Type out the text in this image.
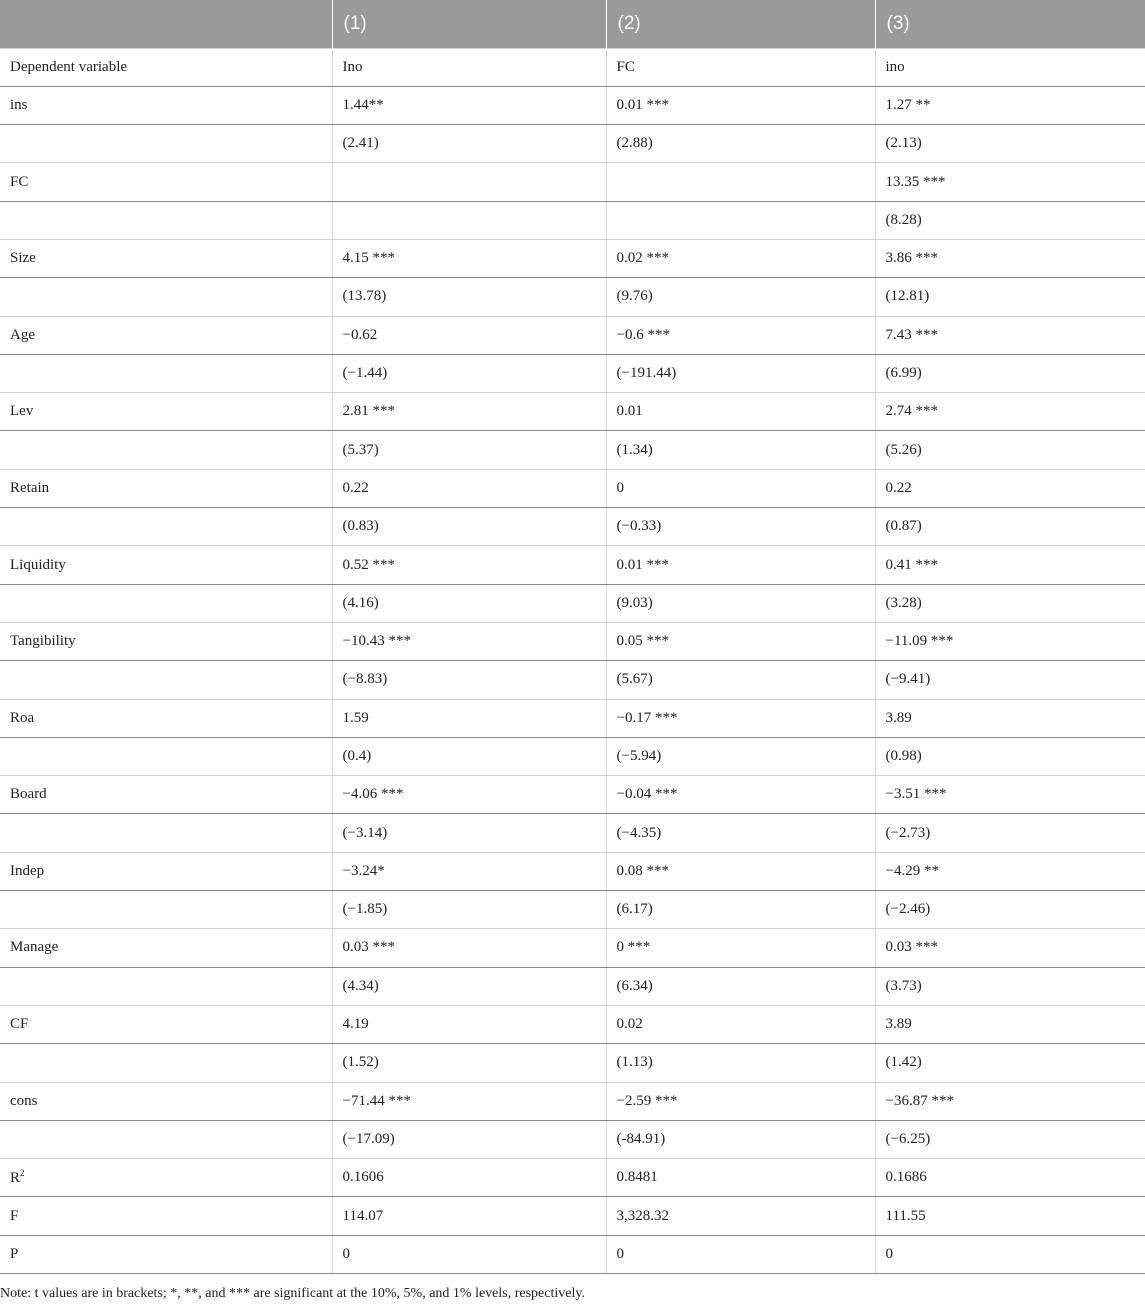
	(1)	(2)	(3)
Dependent variable	Ino	FC	ino
ins	1.44**	0.01 ***	1.27 **
	(2.41)	(2.88)	(2.13)
FC			13.35 ***
			(8.28)
Size	4.15 ***	0.02 ***	3.86 ***
	(13.78)	(9.76)	(12.81)
Age	−0.62	−0.6 ***	7.43 ***
	(−1.44)	(−191.44)	(6.99)
Lev	2.81 ***	0.01	2.74 ***
	(5.37)	(1.34)	(5.26)
Retain	0.22	0	0.22
	(0.83)	(−0.33)	(0.87)
Liquidity	0.52 ***	0.01 ***	0.41 ***
	(4.16)	(9.03)	(3.28)
Tangibility	−10.43 ***	0.05 ***	−11.09 ***
	(−8.83)	(5.67)	(−9.41)
Roa	1.59	−0.17 ***	3.89
	(0.4)	(−5.94)	(0.98)
Board	−4.06 ***	−0.04 ***	−3.51 ***
	(−3.14)	(−4.35)	(−2.73)
Indep	−3.24*	0.08 ***	−4.29 **
	(−1.85)	(6.17)	(−2.46)
Manage	0.03 ***	0 ***	0.03 ***
	(4.34)	(6.34)	(3.73)
CF	4.19	0.02	3.89
	(1.52)	(1.13)	(1.42)
cons	−71.44 ***	−2.59 ***	−36.87 ***
	(−17.09)	(-84.91)	(−6.25)
$R^2$	0.1606	0.8481	0.1686
F	114.07	3,328.32	111.55
P	0	0	0
Note: t values are in brackets; *, **, and *** are significant at the 10%, 5%, and 1% levels, respectively.
